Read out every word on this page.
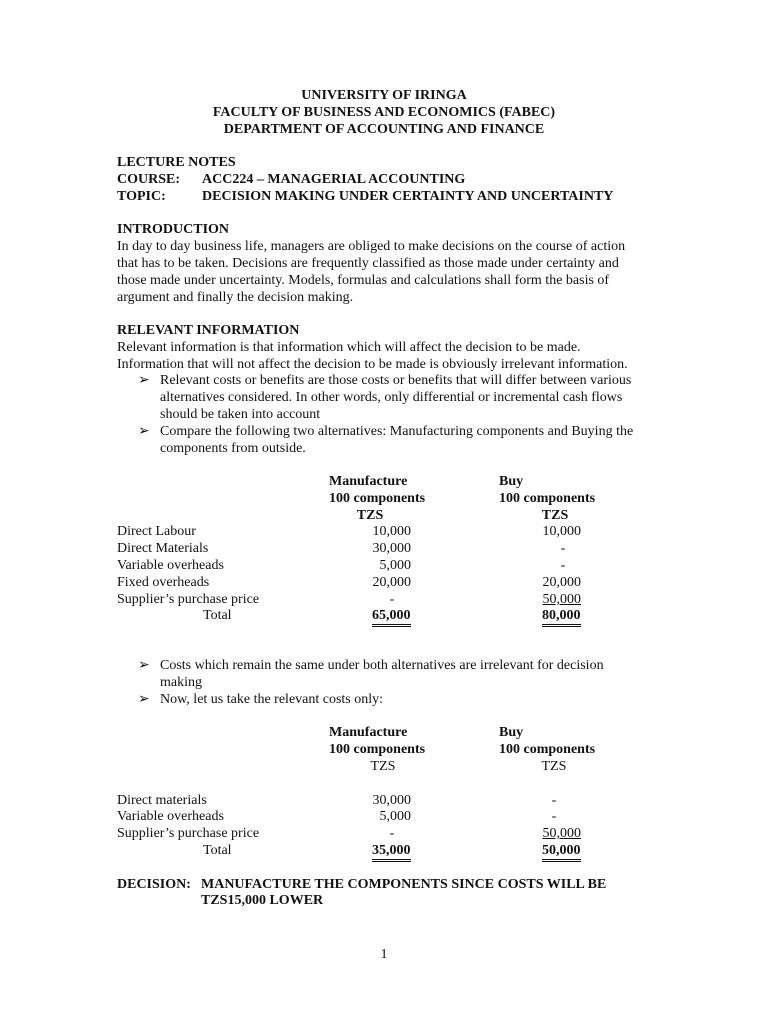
UNIVERSITY OF IRINGA
FACULTY OF BUSINESS AND ECONOMICS (FABEC)
DEPARTMENT OF ACCOUNTING AND FINANCE
LECTURE NOTES
COURSE: ACC224 – MANAGERIAL ACCOUNTING
TOPIC:	DECISION MAKING UNDER CERTAINTY AND UNCERTAINTY
INTRODUCTION
In day to day business life, managers are obliged to make decisions on the course of action
that has to be taken. Decisions are frequently classified as those made under certainty and
those made under uncertainty. Models, formulas and calculations shall form the basis of
argument and finally the decision making.
RELEVANT INFORMATION
Relevant information is that information which will affect the decision to be made.
Information that will not affect the decision to be made is obviously irrelevant information.
➢ Relevant costs or benefits are those costs or benefits that will differ between various
alternatives considered. In other words, only differential or incremental cash flows
should be taken into account
➢ Compare the following two alternatives: Manufacturing components and Buying the
components from outside.
Manufacture
100 components
TZS
Buy
100 components
TZS
Direct Labour	10,000	10,000
Direct Materials	30,000	-
Variable overheads	5,000	-
Fixed overheads	20,000	20,000
Supplier’s purchase price	-	50,000
Total	65,000	80,000
➢ Costs which remain the same under both alternatives are irrelevant for decision
making
➢ Now, let us take the relevant costs only:
Manufacture
100 components
TZS
Buy
100 components
TZS
Direct materials	30,000	-
Variable overheads	5,000	-
Supplier’s purchase price	-	50,000
Total	35,000	50,000
DECISION: MANUFACTURE THE COMPONENTS SINCE COSTS WILL BE
TZS15,000 LOWER
1
